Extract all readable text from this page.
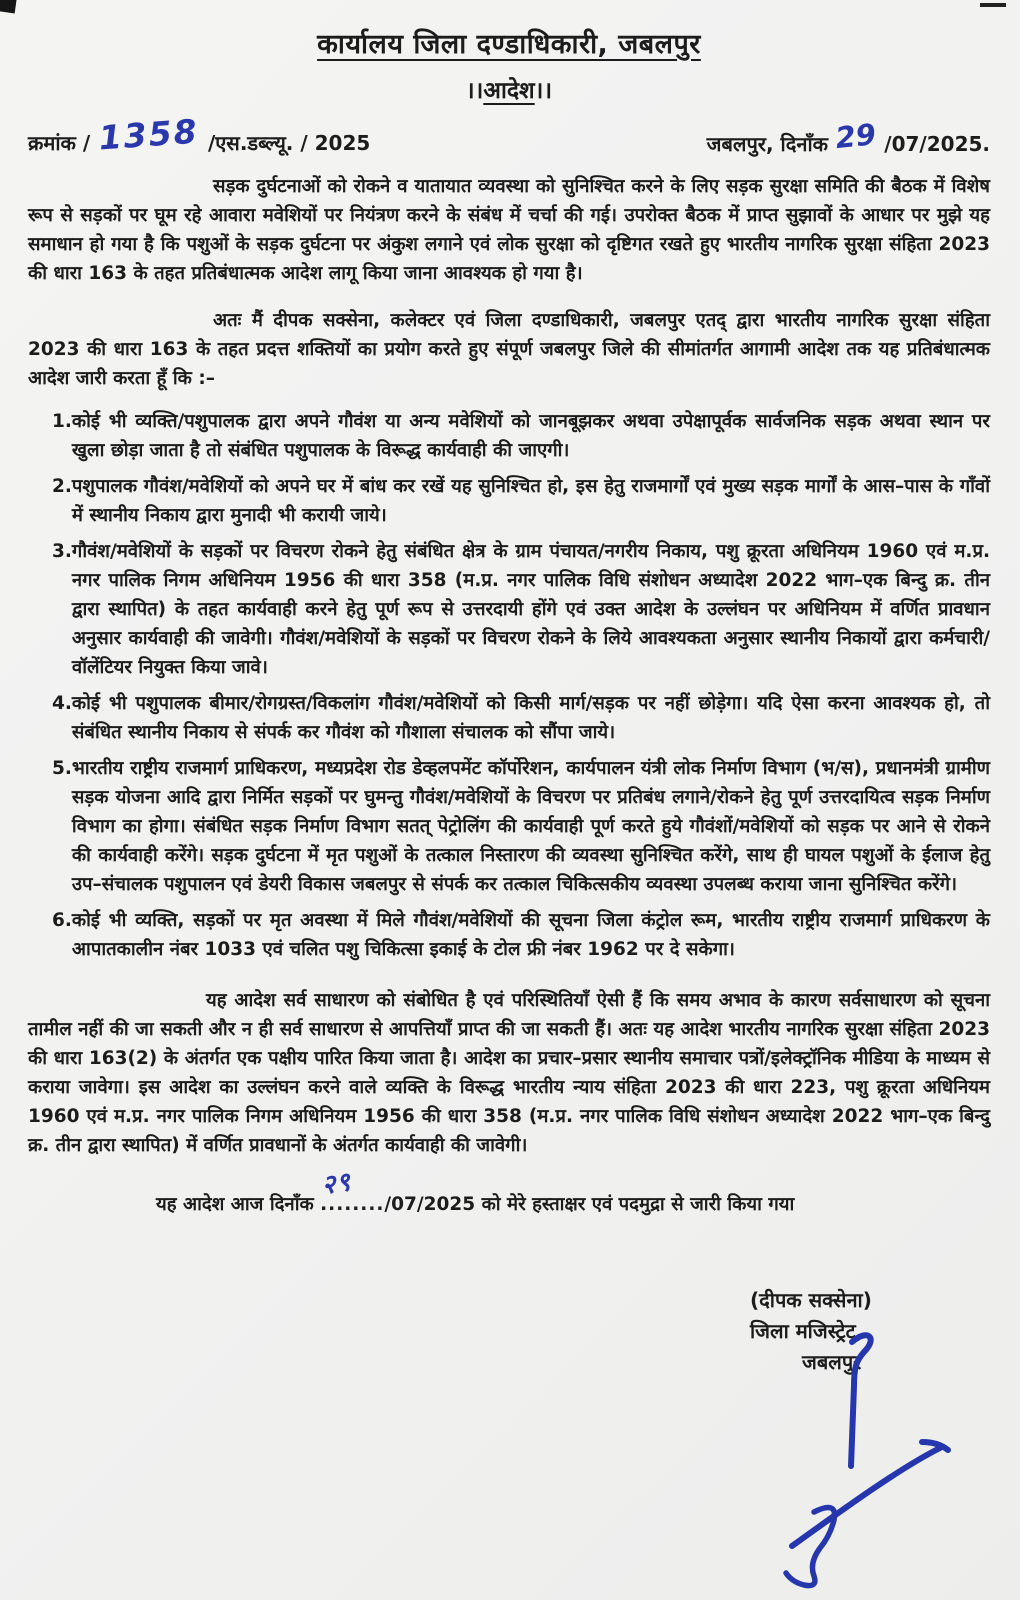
कार्यालय जिला दण्डाधिकारी, जबलपुर
।।आदेश।।
क्रमांक / 1358 /एस.डब्ल्यू. / 2025	जबलपुर, दिनाँक 29 /07/2025.

सड़क दुर्घटनाओं को रोकने व यातायात व्यवस्था को सुनिश्चित करने के लिए सड़क सुरक्षा समिति की बैठक में विशेष रूप से सड़कों पर घूम रहे आवारा मवेशियों पर नियंत्रण करने के संबंध में चर्चा की गई। उपरोक्त बैठक में प्राप्त सुझावों के आधार पर मुझे यह समाधान हो गया है कि पशुओं के सड़क दुर्घटना पर अंकुश लगाने एवं लोक सुरक्षा को दृष्टिगत रखते हुए भारतीय नागरिक सुरक्षा संहिता 2023 की धारा 163 के तहत प्रतिबंधात्मक आदेश लागू किया जाना आवश्यक हो गया है।

अतः मैं दीपक सक्सेना, कलेक्टर एवं जिला दण्डाधिकारी, जबलपुर एतद् द्वारा भारतीय नागरिक सुरक्षा संहिता 2023 की धारा 163 के तहत प्रदत्त शक्तियों का प्रयोग करते हुए संपूर्ण जबलपुर जिले की सीमांतर्गत आगामी आदेश तक यह प्रतिबंधात्मक आदेश जारी करता हूँ कि :–

1. कोई भी व्यक्ति/पशुपालक द्वारा अपने गौवंश या अन्य मवेशियों को जानबूझकर अथवा उपेक्षापूर्वक सार्वजनिक सड़क अथवा स्थान पर खुला छोड़ा जाता है तो संबंधित पशुपालक के विरूद्ध कार्यवाही की जाएगी।
2. पशुपालक गौवंश/मवेशियों को अपने घर में बांध कर रखें यह सुनिश्चित हो, इस हेतु राजमार्गों एवं मुख्य सड़क मार्गों के आस–पास के गाँवों में स्थानीय निकाय द्वारा मुनादी भी करायी जाये।
3. गौवंश/मवेशियों के सड़कों पर विचरण रोकने हेतु संबंधित क्षेत्र के ग्राम पंचायत/नगरीय निकाय, पशु क्रूरता अधिनियम 1960 एवं म.प्र. नगर पालिक निगम अधिनियम 1956 की धारा 358 (म.प्र. नगर पालिक विधि संशोधन अध्यादेश 2022 भाग–एक बिन्दु क्र. तीन द्वारा स्थापित) के तहत कार्यवाही करने हेतु पूर्ण रूप से उत्तरदायी होंगे एवं उक्त आदेश के उल्लंघन पर अधिनियम में वर्णित प्रावधान अनुसार कार्यवाही की जावेगी। गौवंश/मवेशियों के सड़कों पर विचरण रोकने के लिये आवश्यकता अनुसार स्थानीय निकायों द्वारा कर्मचारी/वॉलेंटियर नियुक्त किया जावे।
4. कोई भी पशुपालक बीमार/रोगग्रस्त/विकलांग गौवंश/मवेशियों को किसी मार्ग/सड़क पर नहीं छोड़ेगा। यदि ऐसा करना आवश्यक हो, तो संबंधित स्थानीय निकाय से संपर्क कर गौवंश को गौशाला संचालक को सौंपा जाये।
5. भारतीय राष्ट्रीय राजमार्ग प्राधिकरण, मध्यप्रदेश रोड डेव्हलपमेंट कॉर्पोरेशन, कार्यपालन यंत्री लोक निर्माण विभाग (भ/स), प्रधानमंत्री ग्रामीण सड़क योजना आदि द्वारा निर्मित सड़कों पर घुमन्तु गौवंश/मवेशियों के विचरण पर प्रतिबंध लगाने/रोकने हेतु पूर्ण उत्तरदायित्व सड़क निर्माण विभाग का होगा। संबंधित सड़क निर्माण विभाग सतत् पेट्रोलिंग की कार्यवाही पूर्ण करते हुये गौवंशों/मवेशियों को सड़क पर आने से रोकने की कार्यवाही करेंगे। सड़क दुर्घटना में मृत पशुओं के तत्काल निस्तारण की व्यवस्था सुनिश्चित करेंगे, साथ ही घायल पशुओं के ईलाज हेतु उप–संचालक पशुपालन एवं डेयरी विकास जबलपुर से संपर्क कर तत्काल चिकित्सकीय व्यवस्था उपलब्ध कराया जाना सुनिश्चित करेंगे।
6. कोई भी व्यक्ति, सड़कों पर मृत अवस्था में मिले गौवंश/मवेशियों की सूचना जिला कंट्रोल रूम, भारतीय राष्ट्रीय राजमार्ग प्राधिकरण के आपातकालीन नंबर 1033 एवं चलित पशु चिकित्सा इकाई के टोल फ्री नंबर 1962 पर दे सकेगा।

यह आदेश सर्व साधारण को संबोधित है एवं परिस्थितियाँ ऐसी हैं कि समय अभाव के कारण सर्वसाधारण को सूचना तामील नहीं की जा सकती और न ही सर्व साधारण से आपत्तियाँ प्राप्त की जा सकती हैं। अतः यह आदेश भारतीय नागरिक सुरक्षा संहिता 2023 की धारा 163(2) के अंतर्गत एक पक्षीय पारित किया जाता है। आदेश का प्रचार–प्रसार स्थानीय समाचार पत्रों/इलेक्ट्रॉनिक मीडिया के माध्यम से कराया जावेगा। इस आदेश का उल्लंघन करने वाले व्यक्ति के विरूद्ध भारतीय न्याय संहिता 2023 की धारा 223, पशु क्रूरता अधिनियम 1960 एवं म.प्र. नगर पालिक निगम अधिनियम 1956 की धारा 358 (म.प्र. नगर पालिक विधि संशोधन अध्यादेश 2022 भाग–एक बिन्दु क्र. तीन द्वारा स्थापित) में वर्णित प्रावधानों के अंतर्गत कार्यवाही की जावेगी।

यह आदेश आज दिनाँक
२९
......../07/2025 को मेरे हस्ताक्षर एवं पदमुद्रा से जारी किया गया
(दीपक सक्सेना)
जिला मजिस्ट्रेट,
जबलपुर
